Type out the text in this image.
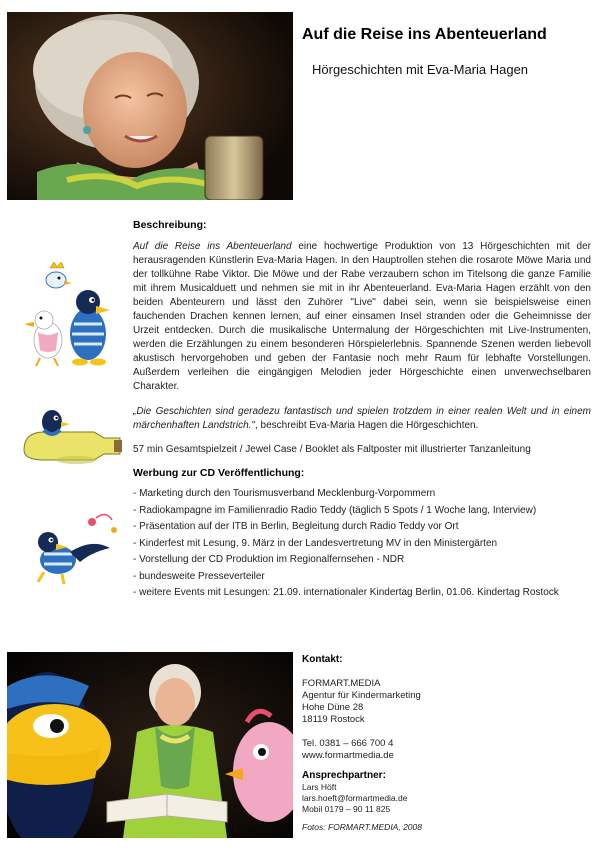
Auf die Reise ins Abenteuerland
Hörgeschichten mit Eva-Maria Hagen
Beschreibung:

Auf die Reise ins Abenteuerland eine hochwertige Produktion von 13 Hörgeschichten mit der herausragenden Künstlerin Eva-Maria Hagen. In den Hauptrollen stehen die rosarote Möwe Maria und der tollkühne Rabe Viktor. Die Möwe und der Rabe verzaubern schon im Titelsong die ganze Familie mit ihrem Musicalduett und nehmen sie mit in ihr Abenteuerland. Eva-Maria Hagen erzählt von den beiden Abenteurern und lässt den Zuhörer "Live" dabei sein, wenn sie beispielsweise einen fauchenden Drachen kennen lernen, auf einer einsamen Insel stranden oder die Geheimnisse der Urzeit entdecken. Durch die musikalische Untermalung der Hörgeschichten mit Live-Instrumenten, werden die Erzählungen zu einem besonderen Hörspielerlebnis. Spannende Szenen werden liebevoll akustisch hervorgehoben und geben der Fantasie noch mehr Raum für lebhafte Vorstellungen. Außerdem verleihen die eingängigen Melodien jeder Hörgeschichte einen unverwechselbaren Charakter.

„Die Geschichten sind geradezu fantastisch und spielen trotzdem in einer realen Welt und in einem märchenhaften Landstrich.", beschreibt Eva-Maria Hagen die Hörgeschichten.

57 min Gesamtspielzeit / Jewel Case / Booklet als Faltposter mit illustrierter Tanzanleitung

Werbung zur CD Veröffentlichung:
- Marketing durch den Tourismusverband Mecklenburg-Vorpommern
- Radiokampagne im Familienradio Radio Teddy (täglich 5 Spots / 1 Woche lang, Interview)
- Präsentation auf der ITB in Berlin, Begleitung durch Radio Teddy vor Ort
- Kinderfest mit Lesung, 9. März in der Landesvertretung MV in den Ministergärten
- Vorstellung der CD Produktion im Regionalfernsehen - NDR
- bundesweite Presseverteiler
- weitere Events mit Lesungen: 21.09. internationaler Kindertag Berlin, 01.06. Kindertag Rostock
Kontakt:
FORMART.MEDIA
Agentur für Kindermarketing
Hohe Düne 28
18119 Rostock
Tel. 0381 – 666 700 4
www.formartmedia.de
Ansprechpartner:
Lars Höft
lars.hoeft@formartmedia.de
Mobil 0179 – 90 11 825
Fotos: FORMART.MEDIA, 2008
